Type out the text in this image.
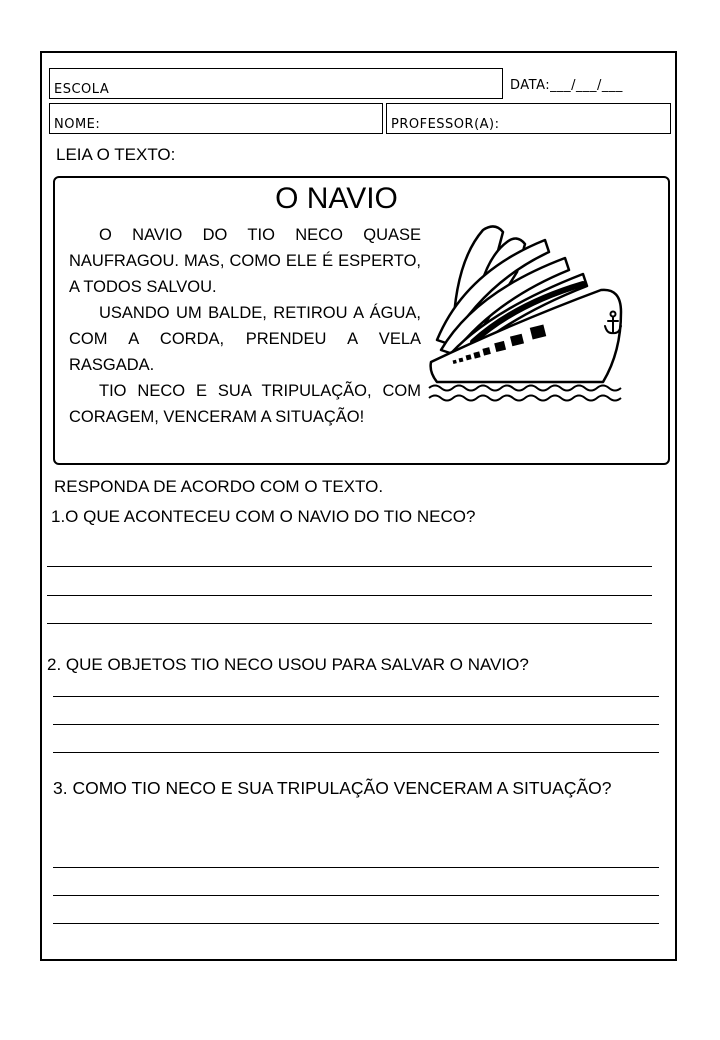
ESCOLA	DATA:___/___/___
NOME:	PROFESSOR(A):
LEIA O TEXTO:
O NAVIO

O NAVIO DO TIO NECO QUASE NAUFRAGOU. MAS, COMO ELE É ESPERTO, A TODOS SALVOU.

USANDO UM BALDE, RETIROU A ÁGUA, COM A CORDA, PRENDEU A VELA RASGADA.

TIO NECO E SUA TRIPULAÇÃO, COM CORAGEM, VENCERAM A SITUAÇÃO!

RESPONDA DE ACORDO COM O TEXTO.
1.O QUE ACONTECEU COM O NAVIO DO TIO NECO?
2. QUE OBJETOS TIO NECO USOU PARA SALVAR O NAVIO?
3. COMO TIO NECO E SUA TRIPULAÇÃO VENCERAM A SITUAÇÃO?
